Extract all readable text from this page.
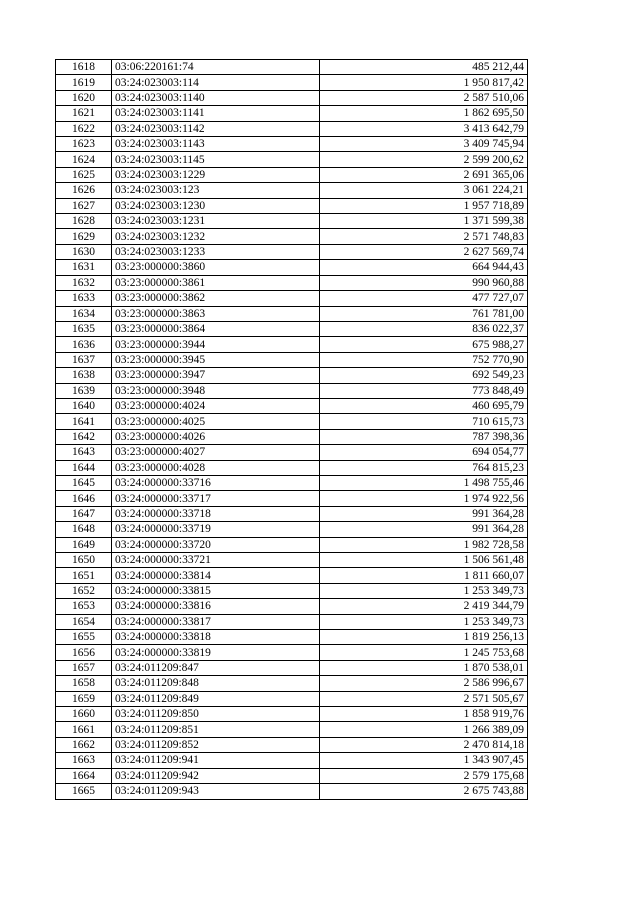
1618	03:06:220161:74	485 212,44
1619	03:24:023003:114	1 950 817,42
1620	03:24:023003:1140	2 587 510,06
1621	03:24:023003:1141	1 862 695,50
1622	03:24:023003:1142	3 413 642,79
1623	03:24:023003:1143	3 409 745,94
1624	03:24:023003:1145	2 599 200,62
1625	03:24:023003:1229	2 691 365,06
1626	03:24:023003:123	3 061 224,21
1627	03:24:023003:1230	1 957 718,89
1628	03:24:023003:1231	1 371 599,38
1629	03:24:023003:1232	2 571 748,83
1630	03:24:023003:1233	2 627 569,74
1631	03:23:000000:3860	664 944,43
1632	03:23:000000:3861	990 960,88
1633	03:23:000000:3862	477 727,07
1634	03:23:000000:3863	761 781,00
1635	03:23:000000:3864	836 022,37
1636	03:23:000000:3944	675 988,27
1637	03:23:000000:3945	752 770,90
1638	03:23:000000:3947	692 549,23
1639	03:23:000000:3948	773 848,49
1640	03:23:000000:4024	460 695,79
1641	03:23:000000:4025	710 615,73
1642	03:23:000000:4026	787 398,36
1643	03:23:000000:4027	694 054,77
1644	03:23:000000:4028	764 815,23
1645	03:24:000000:33716	1 498 755,46
1646	03:24:000000:33717	1 974 922,56
1647	03:24:000000:33718	991 364,28
1648	03:24:000000:33719	991 364,28
1649	03:24:000000:33720	1 982 728,58
1650	03:24:000000:33721	1 506 561,48
1651	03:24:000000:33814	1 811 660,07
1652	03:24:000000:33815	1 253 349,73
1653	03:24:000000:33816	2 419 344,79
1654	03:24:000000:33817	1 253 349,73
1655	03:24:000000:33818	1 819 256,13
1656	03:24:000000:33819	1 245 753,68
1657	03:24:011209:847	1 870 538,01
1658	03:24:011209:848	2 586 996,67
1659	03:24:011209:849	2 571 505,67
1660	03:24:011209:850	1 858 919,76
1661	03:24:011209:851	1 266 389,09
1662	03:24:011209:852	2 470 814,18
1663	03:24:011209:941	1 343 907,45
1664	03:24:011209:942	2 579 175,68
1665	03:24:011209:943	2 675 743,88
